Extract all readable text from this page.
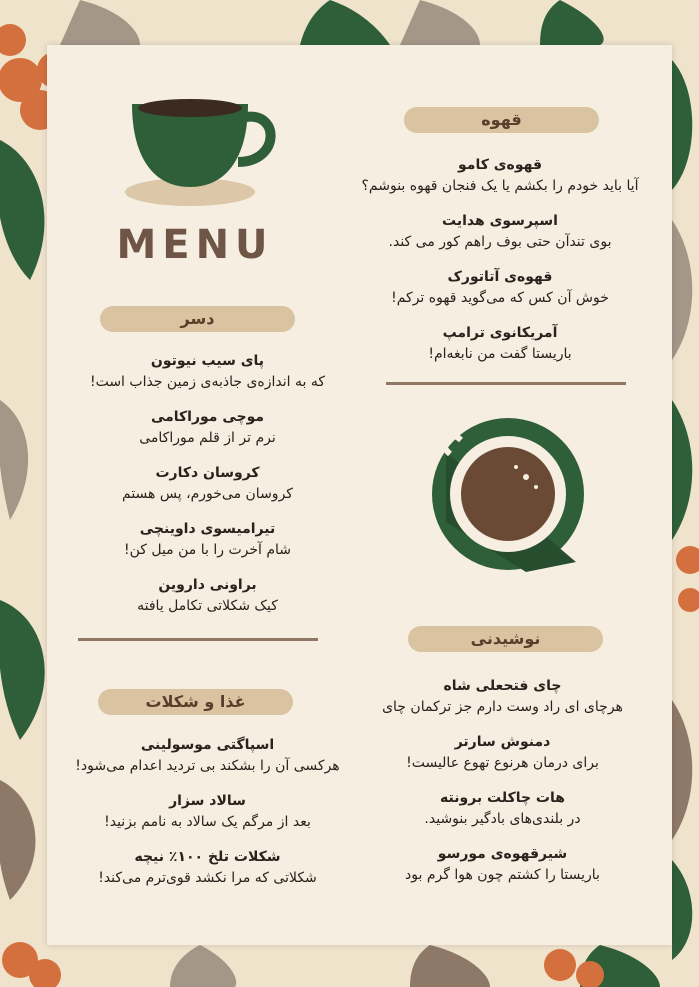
MENU
قهوه
قهوه‌ی کامو
آیا باید خودم را بکشم یا یک فنجان قهوه بنوشم؟
اسپرسوی هدایت
بوی تندآن حتی بوف راهم کور می کند.
قهوه‌ی آتاتورک
خوش آن کس که می‌گوید قهوه ترکم!
آمریکانوی ترامپ
باریستا گفت من نابغه‌ام!
دسر
پای سیب نیوتون
که به اندازه‌ی جاذبه‌ی زمین جذاب است!
موچی موراکامی
نرم تر از قلم موراکامی
کروسان دکارت
کروسان می‌خورم، پس هستم
تیرامیسوی داوینچی
شام آخرت را با من میل کن!
براونی داروین
کیک شکلاتی تکامل یافته
نوشیدنی
چای فتحعلی شاه
هرچای ای راد وست دارم جز ترکمان چای
دمنوش سارتر
برای درمان هرنوع تهوع عالیست!
هات چاکلت برونته
در بلندی‌های بادگیر بنوشید.
شیرقهوه‌ی مورسو
باریستا را کشتم چون هوا گرم بود
غذا و شکلات
اسپاگتی موسولینی
هرکسی آن را بشکند بی تردید اعدام می‌شود!
سالاد سزار
بعد از مرگم یک سالاد به نامم بزنید!
شکلات تلخ ۱۰۰٪ نیچه
شکلاتی که مرا نکشد قوی‌ترم می‌کند!
